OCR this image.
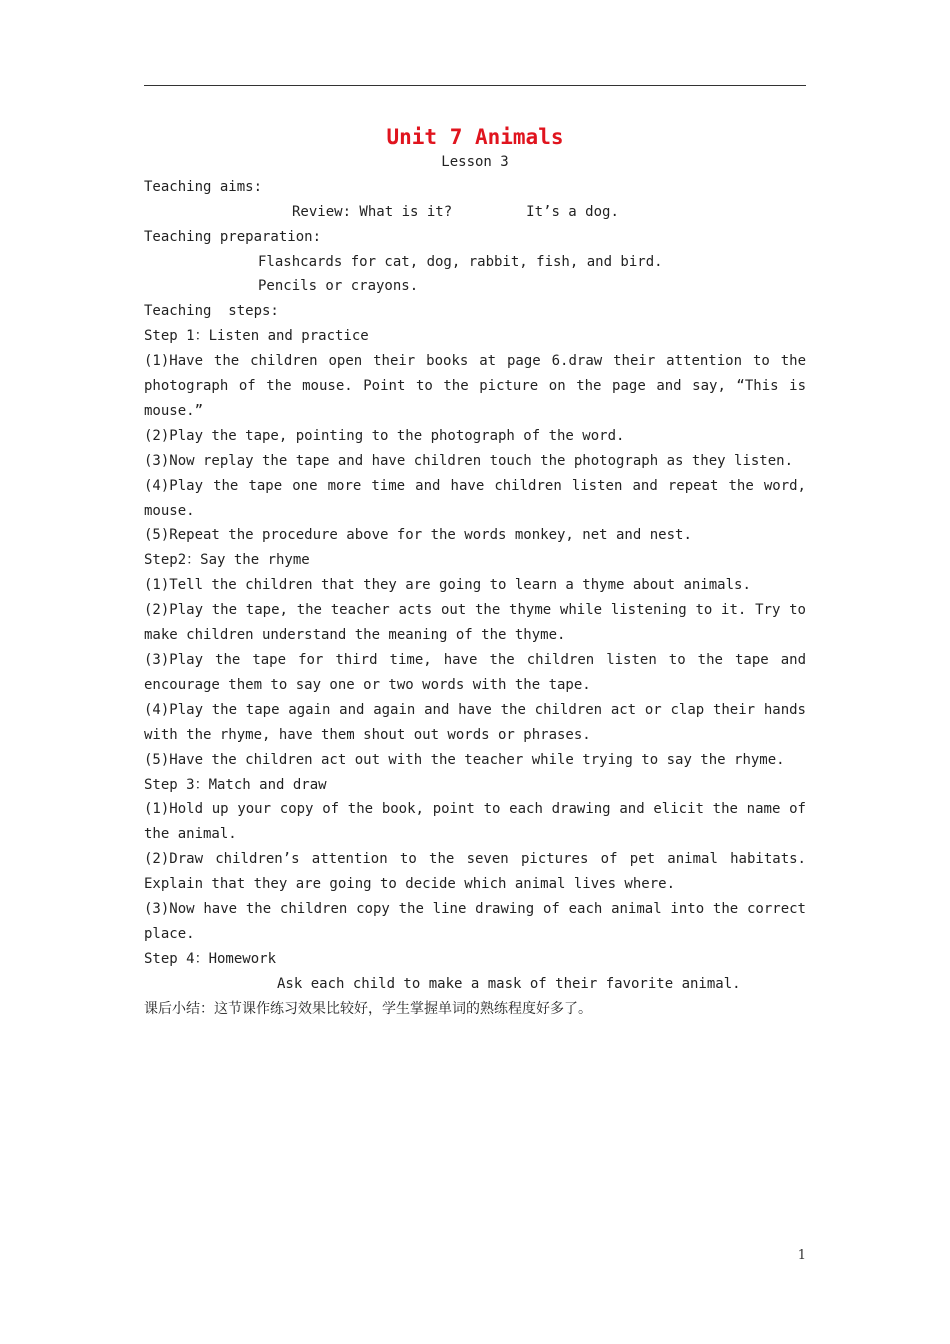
Unit 7 Animals
Lesson 3
Teaching aims:
Review: What is it?	It’s a dog.
Teaching preparation:
Flashcards for cat, dog, rabbit, fish, and bird.
Pencils or crayons.
Teaching  steps:
Step 1：Listen and practice
(1)Have the children open their books at page 6.draw their attention to the photograph of the mouse. Point to the picture on the page and say, “This is mouse.”
(2)Play the tape, pointing to the photograph of the word.
(3)Now replay the tape and have children touch the photograph as they listen.
(4)Play the tape one more time and have children listen and repeat the word, mouse.
(5)Repeat the procedure above for the words monkey, net and nest.
Step2：Say the rhyme
(1)Tell the children that they are going to learn a thyme about animals.
(2)Play the tape, the teacher acts out the thyme while listening to it. Try to make children understand the meaning of the thyme.
(3)Play the tape for third time, have the children listen to the tape and encourage them to say one or two words with the tape.
(4)Play the tape again and again and have the children act or clap their hands with the rhyme, have them shout out words or phrases.
(5)Have the children act out with the teacher while trying to say the rhyme.
Step 3：Match and draw
(1)Hold up your copy of the book, point to each drawing and elicit the name of the animal.
(2)Draw children’s attention to the seven pictures of pet animal habitats. Explain that they are going to decide which animal lives where.
(3)Now have the children copy the line drawing of each animal into the correct place.
Step 4：Homework
Ask each child to make a mask of their favorite animal.
课后小结：这节课作练习效果比较好，学生掌握单词的熟练程度好多了。
1
